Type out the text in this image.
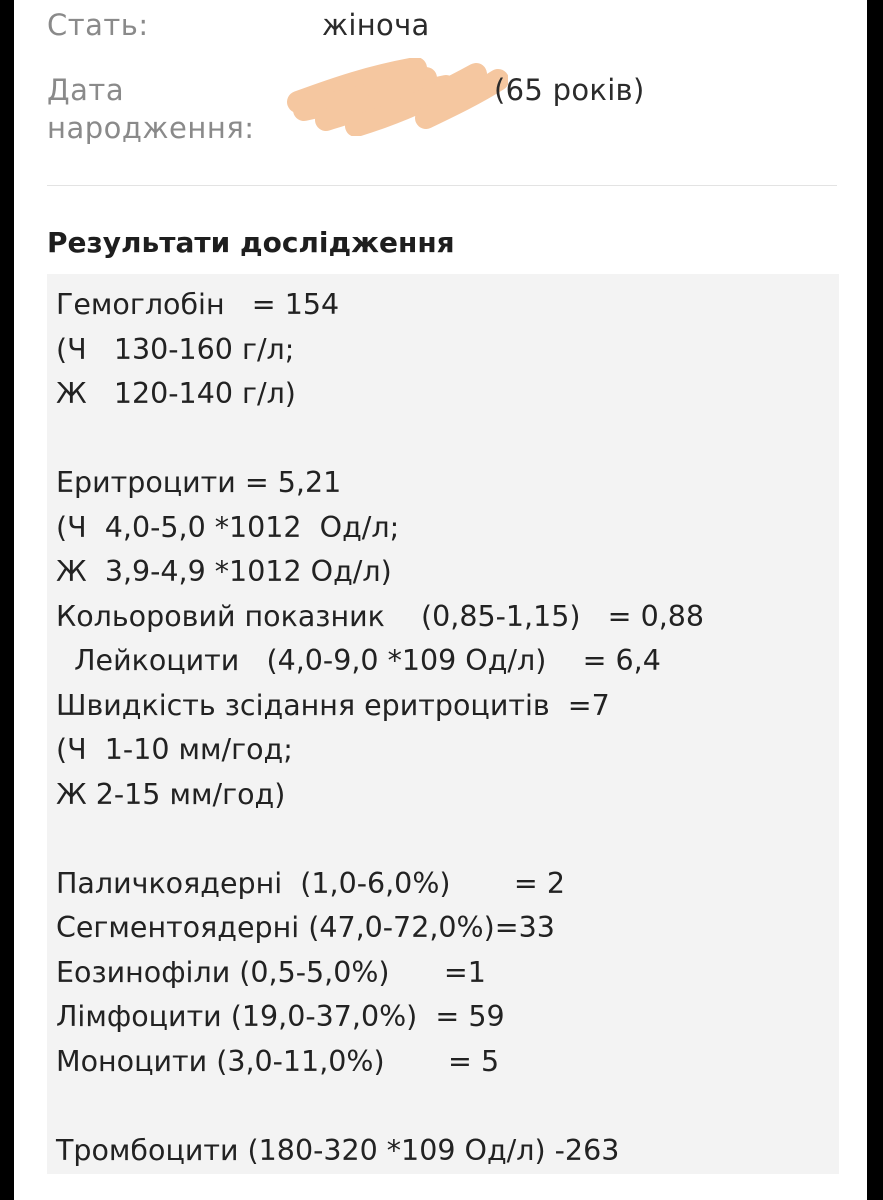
Стать:	жіноча
Дата народження:
(65 років)
Результати дослідження
Гемоглобін   = 154
(Ч   130-160 г/л;
Ж   120-140 г/л)
Еритроцити = 5,21
(Ч  4,0-5,0 *1012  Од/л;
Ж  3,9-4,9 *1012 Од/л)
Кольоровий показник    (0,85-1,15)   = 0,88
Лейкоцити   (4,0-9,0 *109 Од/л)    = 6,4
Швидкість зсідання еритроцитів  =7
(Ч  1-10 мм/год;
Ж 2-15 мм/год)
Паличкоядерні  (1,0-6,0%)       = 2
Сегментоядерні (47,0-72,0%)=33
Еозинофіли (0,5-5,0%)      =1
Лімфоцити (19,0-37,0%)  = 59
Моноцити (3,0-11,0%)       = 5
Тромбоцити (180-320 *109 Од/л) -263
